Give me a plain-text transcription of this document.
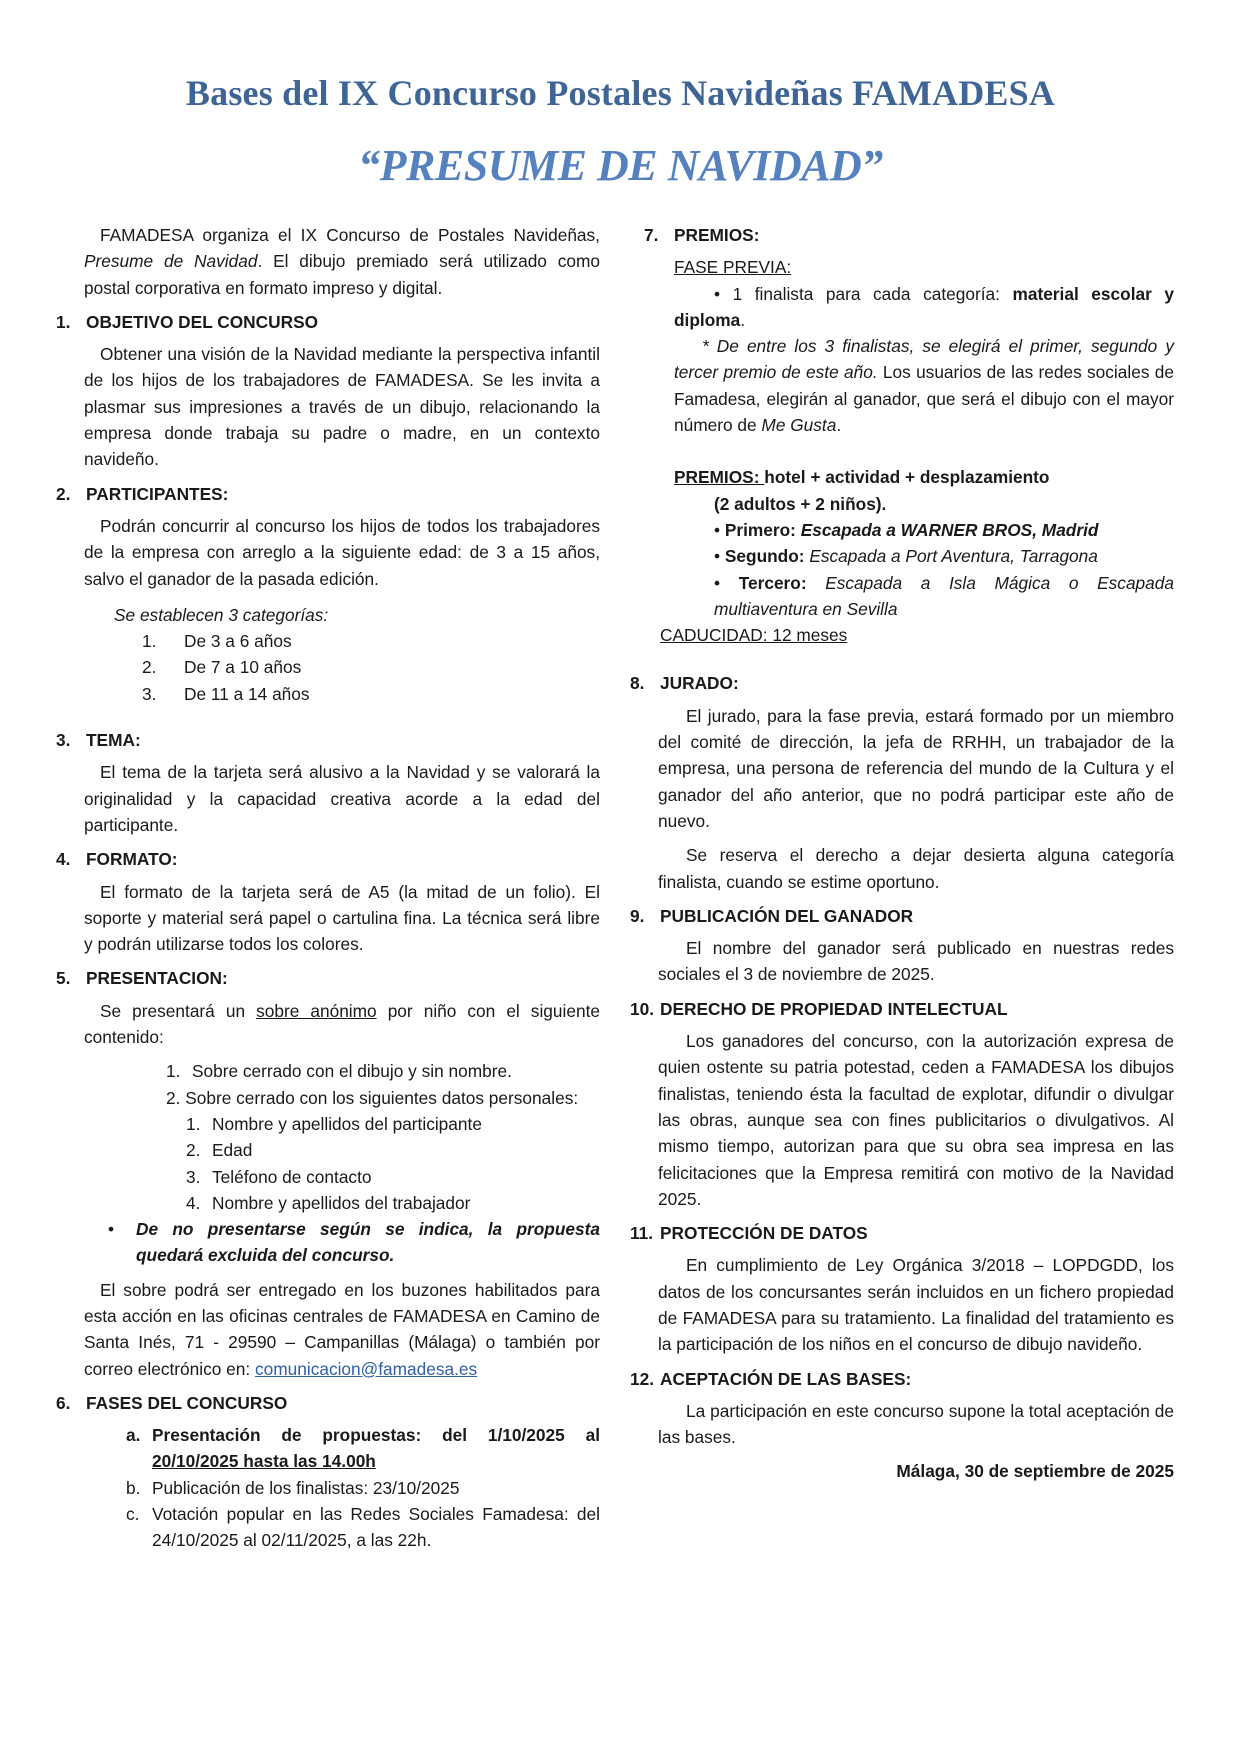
Bases del IX Concurso Postales Navideñas FAMADESA
“PRESUME DE NAVIDAD”

FAMADESA organiza el IX Concurso de Postales Navideñas, Presume de Navidad. El dibujo premiado será utilizado como postal corporativa en formato impreso y digital.

1. OBJETIVO DEL CONCURSO

Obtener una visión de la Navidad mediante la perspectiva infantil de los hijos de los trabajadores de FAMADESA. Se les invita a plasmar sus impresiones a través de un dibujo, relacionando la empresa donde trabaja su padre o madre, en un contexto navideño.

2. PARTICIPANTES:

Podrán concurrir al concurso los hijos de todos los trabajadores de la empresa con arreglo a la siguiente edad: de 3 a 15 años, salvo el ganador de la pasada edición.

Se establecen 3 categorías:

1.	De 3 a 6 años
2.	De 7 a 10 años
3.	De 11 a 14 años
3. TEMA:

El tema de la tarjeta será alusivo a la Navidad y se valorará la originalidad y la capacidad creativa acorde a la edad del participante.

4. FORMATO:

El formato de la tarjeta será de A5 (la mitad de un folio). El soporte y material será papel o cartulina fina. La técnica será libre y podrán utilizarse todos los colores.

5. PRESENTACION:

Se presentará un sobre anónimo por niño con el siguiente contenido:

1. Sobre cerrado con el dibujo y sin nombre.

2. Sobre cerrado con los siguientes datos personales:

1. Nombre y apellidos del participante
2. Edad
3. Teléfono de contacto
4. Nombre y apellidos del trabajador
•	De no presentarse según se indica, la propuesta quedará excluida del concurso.

El sobre podrá ser entregado en los buzones habilitados para esta acción en las oficinas centrales de FAMADESA en Camino de Santa Inés, 71 - 29590 – Campanillas (Málaga) o también por correo electrónico en: comunicacion@famadesa.es

6. FASES DEL CONCURSO
a. Presentación de propuestas: del 1/10/2025 al 20/10/2025 hasta las 14.00h
b. Publicación de los finalistas: 23/10/2025
c. Votación popular en las Redes Sociales Famadesa: del 24/10/2025 al 02/11/2025, a las 22h.
7. PREMIOS:

FASE PREVIA:

• 1 finalista para cada categoría: material escolar y diploma.

* De entre los 3 finalistas, se elegirá el primer, segundo y tercer premio de este año. Los usuarios de las redes sociales de Famadesa, elegirán al ganador, que será el dibujo con el mayor número de Me Gusta.

PREMIOS: hotel + actividad + desplazamiento

(2 adultos + 2 niños).

• Primero: Escapada a WARNER BROS, Madrid

• Segundo: Escapada a Port Aventura, Tarragona

• Tercero: Escapada a Isla Mágica o Escapada multiaventura en Sevilla

CADUCIDAD: 12 meses

8. JURADO:

El jurado, para la fase previa, estará formado por un miembro del comité de dirección, la jefa de RRHH, un trabajador de la empresa, una persona de referencia del mundo de la Cultura y el ganador del año anterior, que no podrá participar este año de nuevo.

Se reserva el derecho a dejar desierta alguna categoría finalista, cuando se estime oportuno.

9. PUBLICACIÓN DEL GANADOR

El nombre del ganador será publicado en nuestras redes sociales el 3 de noviembre de 2025.

10. DERECHO DE PROPIEDAD INTELECTUAL

Los ganadores del concurso, con la autorización expresa de quien ostente su patria potestad, ceden a FAMADESA los dibujos finalistas, teniendo ésta la facultad de explotar, difundir o divulgar las obras, aunque sea con fines publicitarios o divulgativos. Al mismo tiempo, autorizan para que su obra sea impresa en las felicitaciones que la Empresa remitirá con motivo de la Navidad 2025.

11. PROTECCIÓN DE DATOS

En cumplimiento de Ley Orgánica 3/2018 – LOPDGDD, los datos de los concursantes serán incluidos en un fichero propiedad de FAMADESA para su tratamiento. La finalidad del tratamiento es la participación de los niños en el concurso de dibujo navideño.

12. ACEPTACIÓN DE LAS BASES:

La participación en este concurso supone la total aceptación de las bases.

Málaga, 30 de septiembre de 2025
